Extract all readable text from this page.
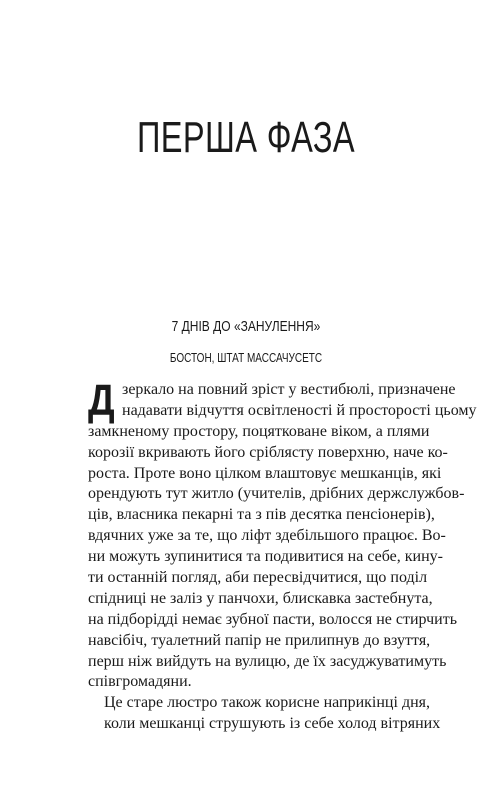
ПЕРША ФАЗА
7 ДНІВ ДО «ЗАНУЛЕННЯ»
БОСТОН, ШТАТ МАССАЧУСЕТС
Д зеркало на повний зріст у вестибюлі, призначене
надавати відчуття освітленості й просторості цьому
замкненому простору, поцятковане віком, а плями
корозії вкривають його сріблясту поверхню, наче ко-
роста. Проте воно цілком влаштовує мешканців, які
орендують тут житло (учителів, дрібних держслужбов-
ців, власника пекарні та з пів десятка пенсіонерів),
вдячних уже за те, що ліфт здебільшого працює. Во-
ни можуть зупинитися та подивитися на себе, кину-
ти останній погляд, аби пересвідчитися, що поділ
спідниці не заліз у панчохи, блискавка застебнута,
на підборідді немає зубної пасти, волосся не стирчить
навсібіч, туалетний папір не прилипнув до взуття,
перш ніж вийдуть на вулицю, де їх засуджуватимуть
співгромадяни.
Це старе люстро також корисне наприкінці дня,
коли мешканці струшують із себе холод вітряних
